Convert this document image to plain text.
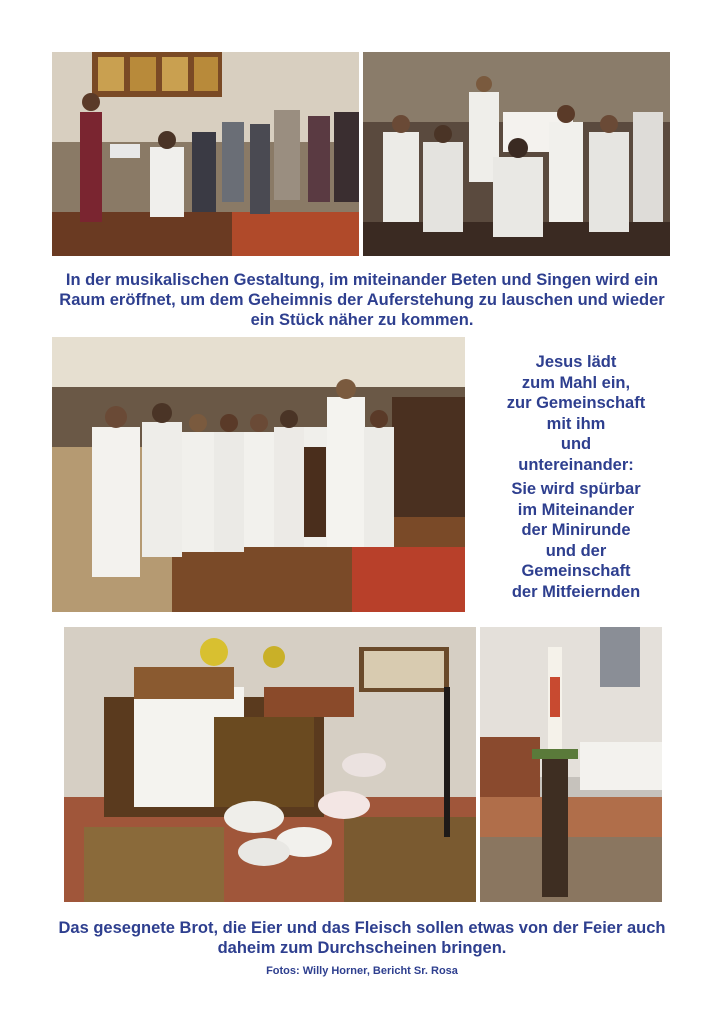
In der musikalischen Gestaltung, im miteinander Beten und Singen wird ein Raum eröffnet, um dem Geheimnis der Auferstehung zu lauschen und wieder ein Stück näher zu kommen.

Jesus lädt

zum Mahl ein,

zur Gemeinschaft

mit ihm

und

untereinander:

Sie wird spürbar

im Miteinander

der Minirunde

und der

Gemeinschaft

der Mitfeiernden

Das gesegnete Brot, die Eier und das Fleisch sollen etwas von der Feier auch daheim zum Durchscheinen bringen.

Fotos: Willy Horner, Bericht Sr. Rosa
